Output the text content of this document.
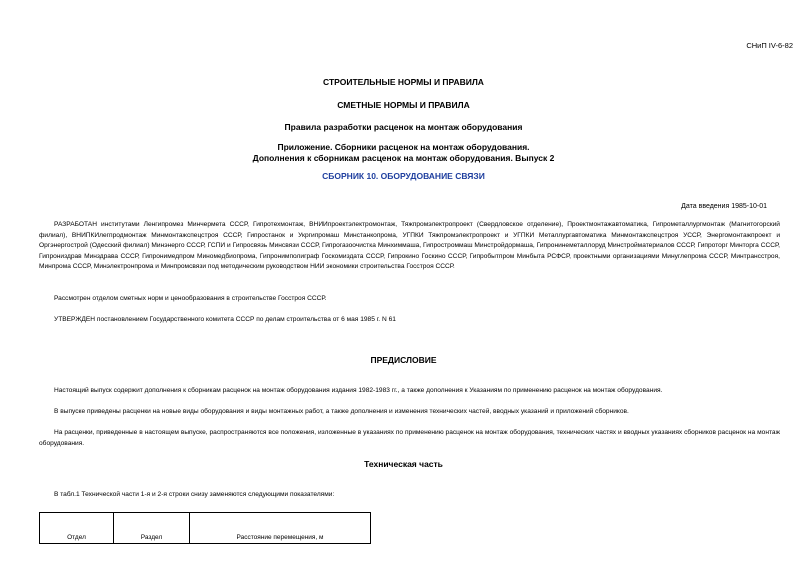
СНиП IV-6-82
СТРОИТЕЛЬНЫЕ НОРМЫ И ПРАВИЛА
СМЕТНЫЕ НОРМЫ И ПРАВИЛА
Правила разработки расценок на монтаж оборудования
Приложение. Сборники расценок на монтаж оборудования.
Дополнения к сборникам расценок на монтаж оборудования. Выпуск 2
СБОРНИК 10. ОБОРУДОВАНИЕ СВЯЗИ
Дата введения 1985-10-01
РАЗРАБОТАН институтами Ленгипромез Минчермета СССР, Гипротехмонтаж, ВНИИпроектэлектромонтаж, Тяжпромэлектропроект (Свердловское отделение), Проектмонтажавтоматика, Гипрометаллургмонтаж (Магнитогорский филиал), ВНИПКИлегпродмонтаж Минмонтажспецстроя СССР, Гипростанок и Укргипромаш Минстанкопрома, УГПКИ Тяжпромэлектропроект и УГПКИ Металлургавтоматика Минмонтажспецстроя УССР, Энергомонтажпроект и Оргэнергострой (Одесский филиал) Минэнерго СССР, ГСПИ и Гипросвязь Минсвязи СССР, Гипрогазоочистка Минхиммаша, Гипростроммаш Минстройдормаша, Гипронинеметаллоруд Минстройматериалов СССР, Гипроторг Минторга СССР, Гипрониздрав Минздрава СССР, Гипронимедпром Миномедбиопрома, Гипронимполиграф Госкомиздата СССР, Гипрокино Госкино СССР, Гипробытпром Минбыта РСФСР, проектными организациями Минуглепрома СССР, Минтрансстроя, Минпромa СССР, Минэлектронпрома и Минпромсвязи под методическим руководством НИИ экономики строительства Госстроя СССР.
Рассмотрен отделом сметных норм и ценообразования в строительстве Госстроя СССР.
УТВЕРЖДЕН постановлением Государственного комитета СССР по делам строительства от 6 мая 1985 г. N 61
ПРЕДИСЛОВИЕ
Настоящий выпуск содержит дополнения к сборникам расценок на монтаж оборудования издания 1982-1983 гг., а также дополнения к Указаниям по применению расценок на монтаж оборудования.
В выпуске приведены расценки на новые виды оборудования и виды монтажных работ, а также дополнения и изменения технических частей, вводных указаний и приложений сборников.
На расценки, приведенные в настоящем выпуске, распространяются все положения, изложенные в указаниях по применению расценок на монтаж оборудования, технических частях и вводных указаниях сборников расценок на монтаж оборудования.
Техническая часть
В табл.1 Технической части 1-я и 2-я строки снизу заменяются следующими показателями:
Отдел	Раздел	Расстояние перемещения, м
